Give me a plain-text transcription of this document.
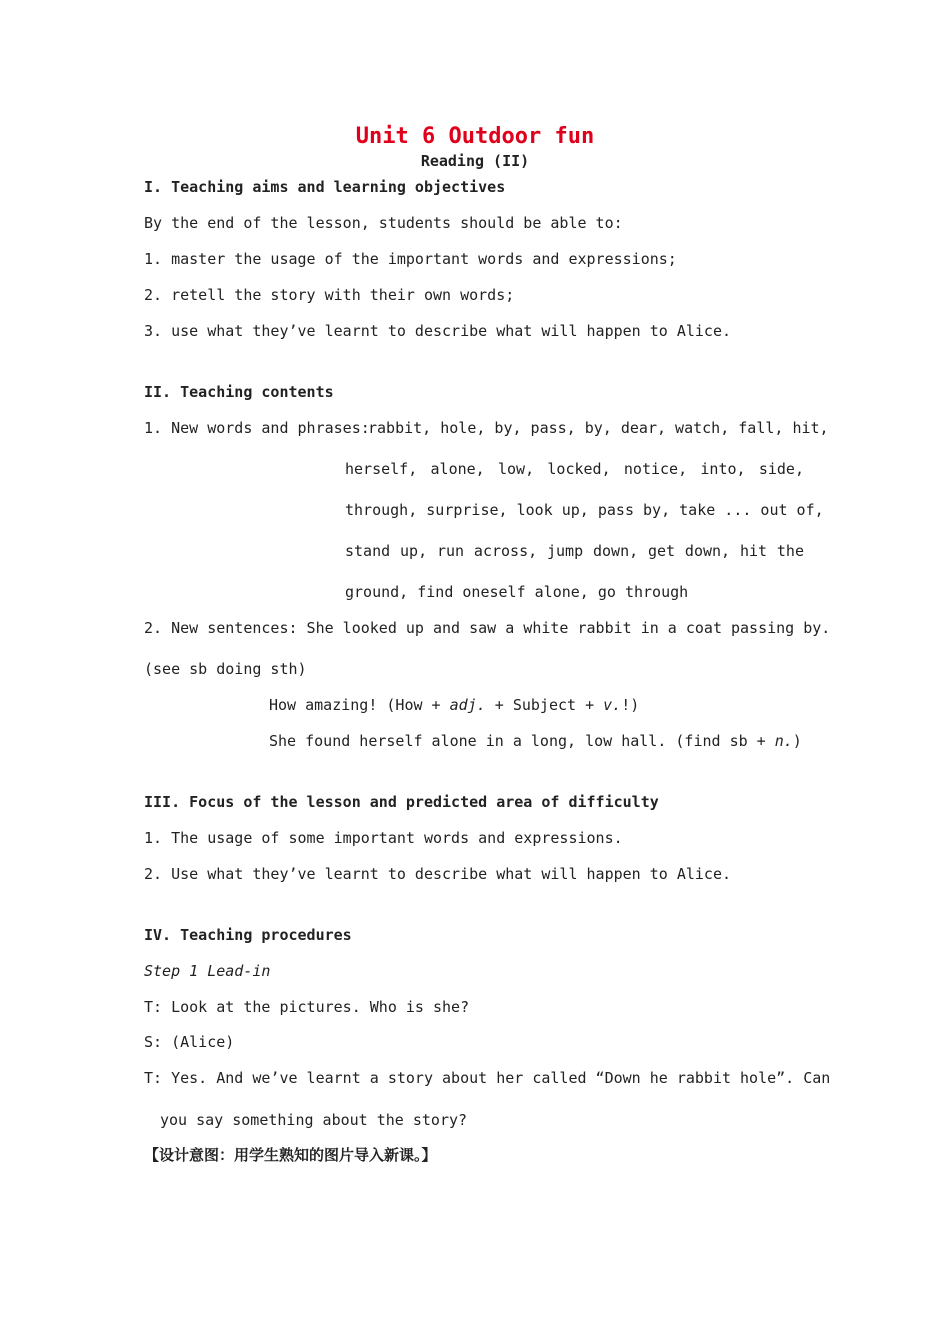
Unit 6 Outdoor fun
Reading (II)
I. Teaching aims and learning objectives
By the end of the lesson, students should be able to:
1. master the usage of the important words and expressions;
2. retell the story with their own words;
3. use what they’ve learnt to describe what will happen to Alice.
II. Teaching contents
1. New words and phrases:
rabbit, hole, by, pass, by, dear, watch, fall, hit,
herself, alone, low, locked, notice, into, side,
through, surprise, look up, pass by, take ... out of,
stand up, run across, jump down, get down, hit the
ground, find oneself alone, go through
2. New sentences: She looked up and saw a white rabbit in a coat passing by.
(see sb doing sth)
How amazing! (How + adj. + Subject + v.!)
She found herself alone in a long, low hall. (find sb + n.)
III. Focus of the lesson and predicted area of difficulty
1. The usage of some important words and expressions.
2. Use what they’ve learnt to describe what will happen to Alice.
IV. Teaching procedures
Step 1 Lead-in
T: Look at the pictures. Who is she?
S: (Alice)
T: Yes. And we’ve learnt a story about her called “Down he rabbit hole”. Can
you say something about the story?
【设计意图：用学生熟知的图片导入新课。】
